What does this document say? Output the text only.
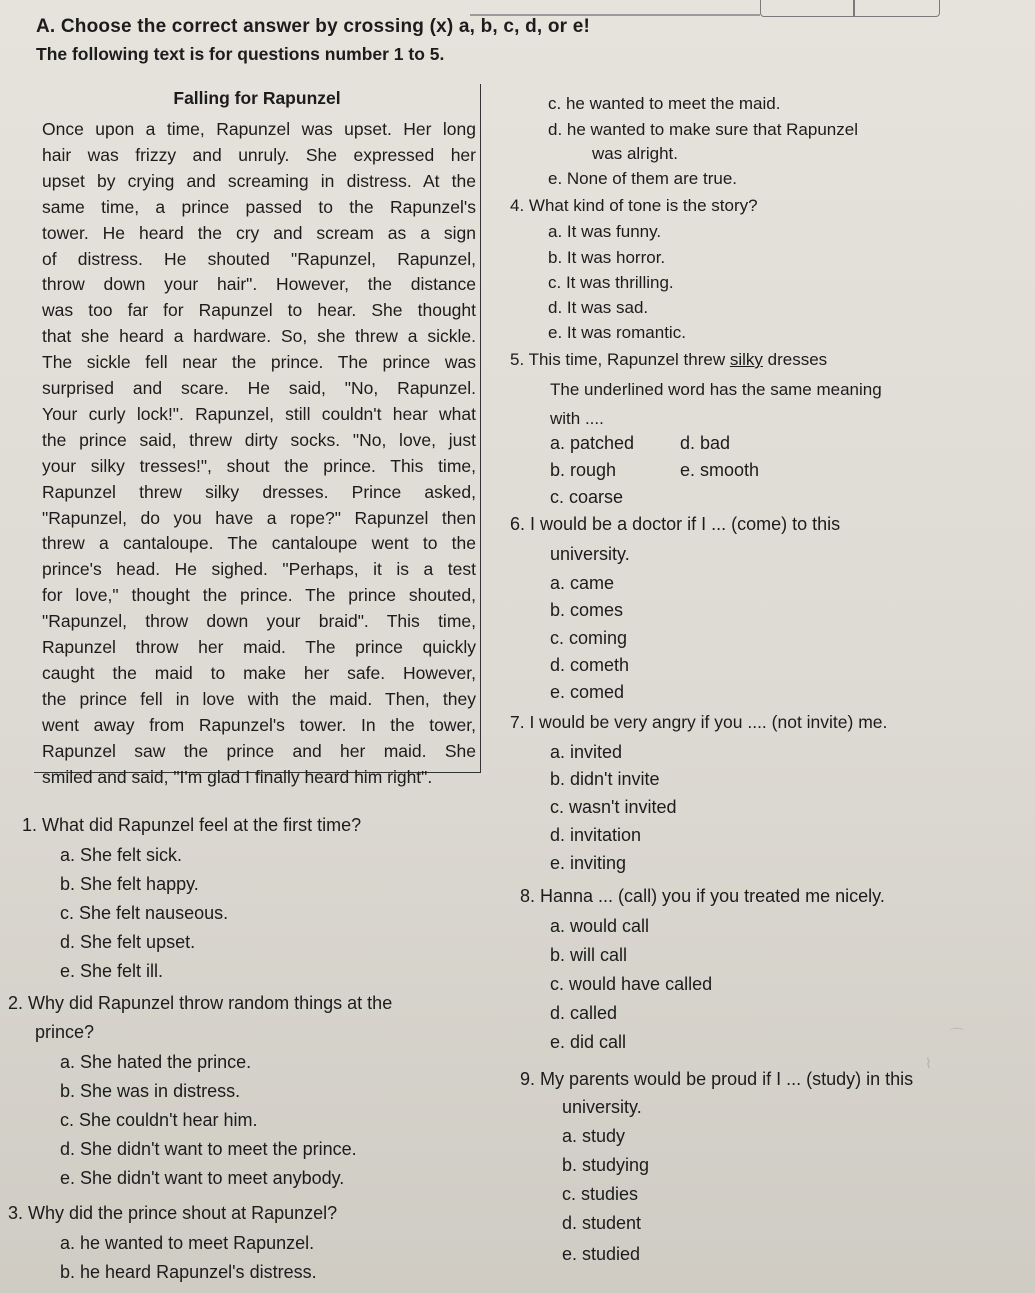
A. Choose the correct answer by crossing (x) a, b, c, d, or e!
The following text is for questions number 1 to 5.
Falling for Rapunzel
Once upon a time, Rapunzel was upset. Her long
hair was frizzy and unruly. She expressed her
upset by crying and screaming in distress. At the
same time, a prince passed to the Rapunzel's
tower. He heard the cry and scream as a sign
of distress. He shouted "Rapunzel, Rapunzel,
throw down your hair". However, the distance
was too far for Rapunzel to hear. She thought
that she heard a hardware. So, she threw a sickle.
The sickle fell near the prince. The prince was
surprised and scare. He said, "No, Rapunzel.
Your curly lock!". Rapunzel, still couldn't hear what
the prince said, threw dirty socks. "No, love, just
your silky tresses!", shout the prince. This time,
Rapunzel threw silky dresses. Prince asked,
"Rapunzel, do you have a rope?" Rapunzel then
threw a cantaloupe. The cantaloupe went to the
prince's head. He sighed. "Perhaps, it is a test
for love," thought the prince. The prince shouted,
"Rapunzel, throw down your braid". This time,
Rapunzel throw her maid. The prince quickly
caught the maid to make her safe. However,
the prince fell in love with the maid. Then, they
went away from Rapunzel's tower. In the tower,
Rapunzel saw the prince and her maid. She
1. What did Rapunzel feel at the first time?
a. She felt sick.
b. She felt happy.
c. She felt nauseous.
d. She felt upset.
e. She felt ill.
2. Why did Rapunzel throw random things at the
prince?
a. She hated the prince.
b. She was in distress.
c. She couldn't hear him.
d. She didn't want to meet the prince.
e. She didn't want to meet anybody.
3. Why did the prince shout at Rapunzel?
a. he wanted to meet Rapunzel.
b. he heard Rapunzel's distress.
c. he wanted to meet the maid.
d. he wanted to make sure that Rapunzel
was alright.
e. None of them are true.
4. What kind of tone is the story?
a. It was funny.
b. It was horror.
c. It was thrilling.
d. It was sad.
e. It was romantic.
5. This time, Rapunzel threw silky dresses
The underlined word has the same meaning
with ....
a. patched	d. bad
b. rough	e. smooth
c. coarse
6. I would be a doctor if I ... (come) to this
university.
a. came
b. comes
c. coming
d. cometh
e. comed
7. I would be very angry if you .... (not invite) me.
a. invited
b. didn't invite
c. wasn't invited
d. invitation
e. inviting
8. Hanna ... (call) you if you treated me nicely.
a. would call
b. will call
c. would have called
d. called
e. did call
9. My parents would be proud if I ... (study) in this
university.
a. study
b. studying
c. studies
d. student
e. studied
⌒
⌇
smiled and said, "I'm glad I finally heard him right".
